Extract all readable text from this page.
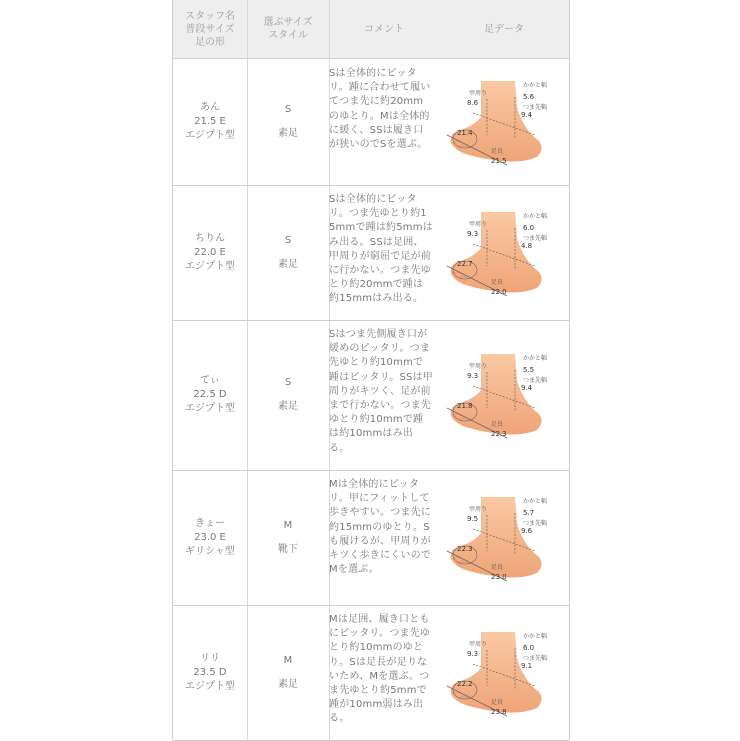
スタッフ名
普段サイズ
足の形
選ぶサイズ
スタイル
コメント	足データ
あん
21.5 E
エジプト型
S
素足
Sは全体的にピッタリ。踵に合わせて履いてつま先に約20mmのゆとり。Mは全体的に緩く、SSは履き口が狭いのでSを選ぶ。
甲周り
8.6
かかと幅
5.6
つま先幅
9.4
21.4
足長
21.5
ちりん
22.0 E
エジプト型
S
素足
Sは全体的にピッタリ。つま先ゆとり約15mmで踵は約5mmはみ出る。SSは足囲、甲周りが窮屈で足が前に行かない。つま先ゆとり約20mmで踵は約15mmはみ出る。
甲周り
9.3
かかと幅
6.0
つま先幅
4.8
22.7
足長
22.0
てぃ
22.5 D
エジプト型
S
素足
Sはつま先側履き口が緩めのピッタリ。つま先ゆとり約10mmで踵はピッタリ。SSは甲周りがキツく、足が前まで行かない。つま先ゆとり約10mmで踵は約10mmはみ出る。
甲周り
9.3
かかと幅
5.5
つま先幅
9.4
21.8
足長
22.3
きょー
23.0 E
ギリシャ型
M
靴下
Mは全体的にピッタリ。甲にフィットして歩きやすい。つま先に約15mmのゆとり。Sも履けるが、甲周りがキツく歩きにくいのでMを選ぶ。
甲周り
9.5
かかと幅
5.7
つま先幅
9.6
22.3
足長
23.0
リリ
23.5 D
エジプト型
M
素足
Mは足囲、履き口ともにピッタリ。つま先ゆとり約10mmのゆとり。Sは足長が足りないため、Mを選ぶ。つま先ゆとり約5mmで踵が10mm弱はみ出る。
甲周り
9.3
かかと幅
6.0
つま先幅
9.1
22.2
足長
23.8
